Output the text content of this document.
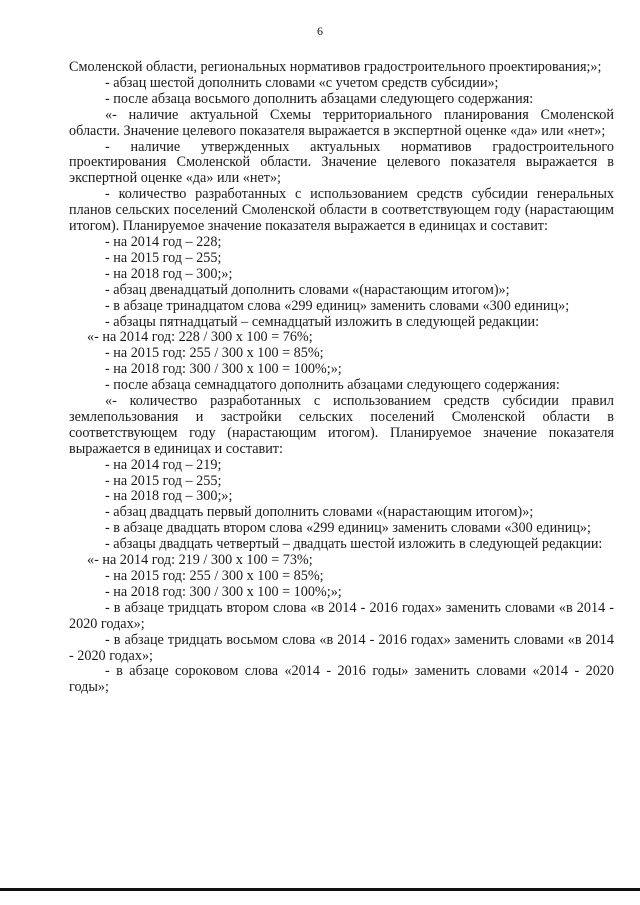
6

Смоленской области, региональных нормативов градостроительного проектирования;»;

- абзац шестой дополнить словами «с учетом средств субсидии»;

- после абзаца восьмого дополнить абзацами следующего содержания:

«- наличие актуальной Схемы территориального планирования Смоленской области. Значение целевого показателя выражается в экспертной оценке «да» или «нет»;

- наличие утвержденных актуальных нормативов градостроительного проектирования Смоленской области. Значение целевого показателя выражается в экспертной оценке «да» или «нет»;

- количество разработанных с использованием средств субсидии генеральных планов сельских поселений Смоленской области в соответствующем году (нарастающим итогом). Планируемое значение показателя выражается в единицах и составит:

- на 2014 год – 228;

- на 2015 год – 255;

- на 2018 год – 300;»;

- абзац двенадцатый дополнить словами «(нарастающим итогом)»;

- в абзаце тринадцатом слова «299 единиц» заменить словами «300 единиц»;

- абзацы пятнадцатый – семнадцатый изложить в следующей редакции:

«- на 2014 год: 228 / 300 х 100 = 76%;

- на 2015 год: 255 / 300 х 100 = 85%;

- на 2018 год: 300 / 300 х 100 = 100%;»;

- после абзаца семнадцатого дополнить абзацами следующего содержания:

«- количество разработанных с использованием средств субсидии правил землепользования и застройки сельских поселений Смоленской области в соответствующем году (нарастающим итогом). Планируемое значение показателя выражается в единицах и составит:

- на 2014 год – 219;

- на 2015 год – 255;

- на 2018 год – 300;»;

- абзац двадцать первый дополнить словами «(нарастающим итогом)»;

- в абзаце двадцать втором слова «299 единиц» заменить словами «300 единиц»;

- абзацы двадцать четвертый – двадцать шестой изложить в следующей редакции:

«- на 2014 год: 219 / 300 х 100 = 73%;

- на 2015 год: 255 / 300 х 100 = 85%;

- на 2018 год: 300 / 300 х 100 = 100%;»;

- в абзаце тридцать втором слова «в 2014 - 2016 годах» заменить словами «в 2014 - 2020 годах»;

- в абзаце тридцать восьмом слова «в 2014 - 2016 годах» заменить словами «в 2014 - 2020 годах»;

- в абзаце сороковом слова «2014 - 2016 годы» заменить словами «2014 - 2020 годы»;
